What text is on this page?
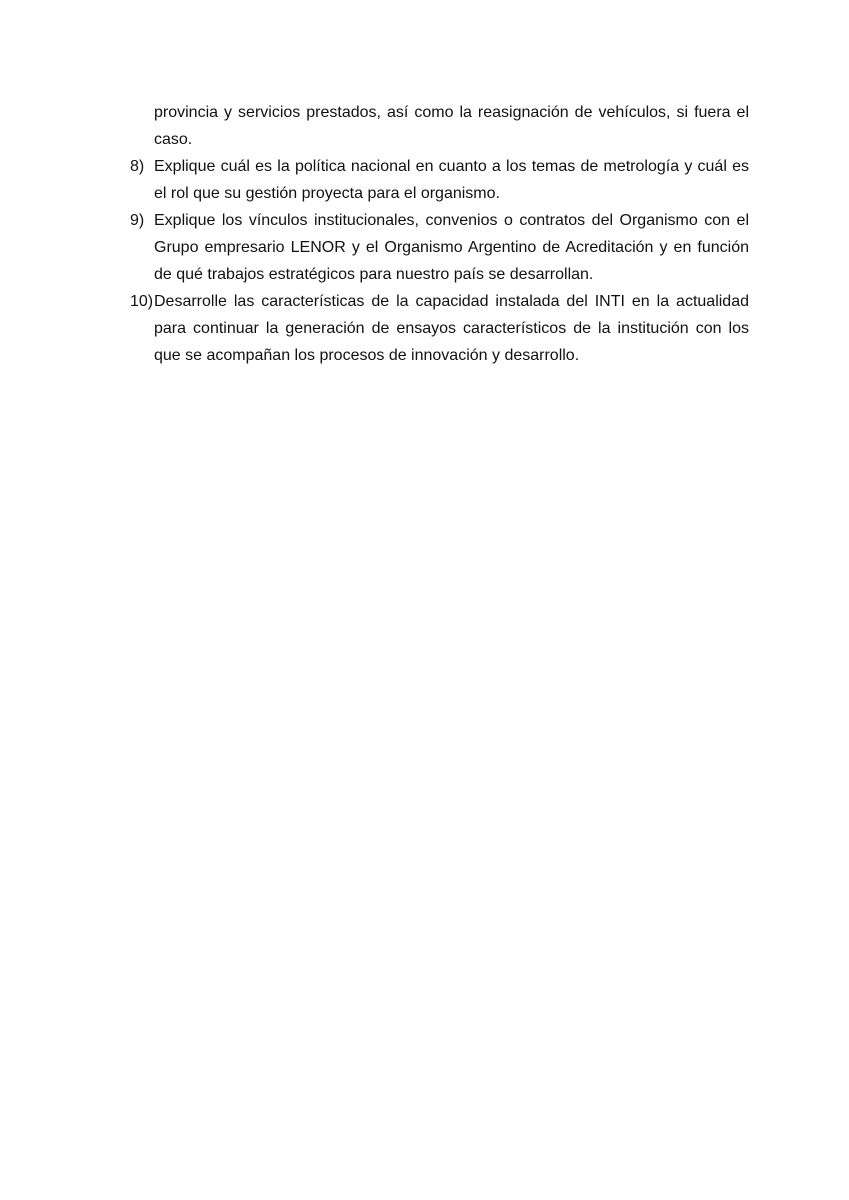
provincia y servicios prestados, así como la reasignación de vehículos, si fuera el caso.
8) Explique cuál es la política nacional en cuanto a los temas de metrología y cuál es el rol que su gestión proyecta para el organismo.
9) Explique los vínculos institucionales, convenios o contratos del Organismo con el Grupo empresario LENOR y el Organismo Argentino de Acreditación y en función de qué trabajos estratégicos para nuestro país se desarrollan.
10) Desarrolle las características de la capacidad instalada del INTI en la actualidad para continuar la generación de ensayos característicos de la institución con los que se acompañan los procesos de innovación y desarrollo.
